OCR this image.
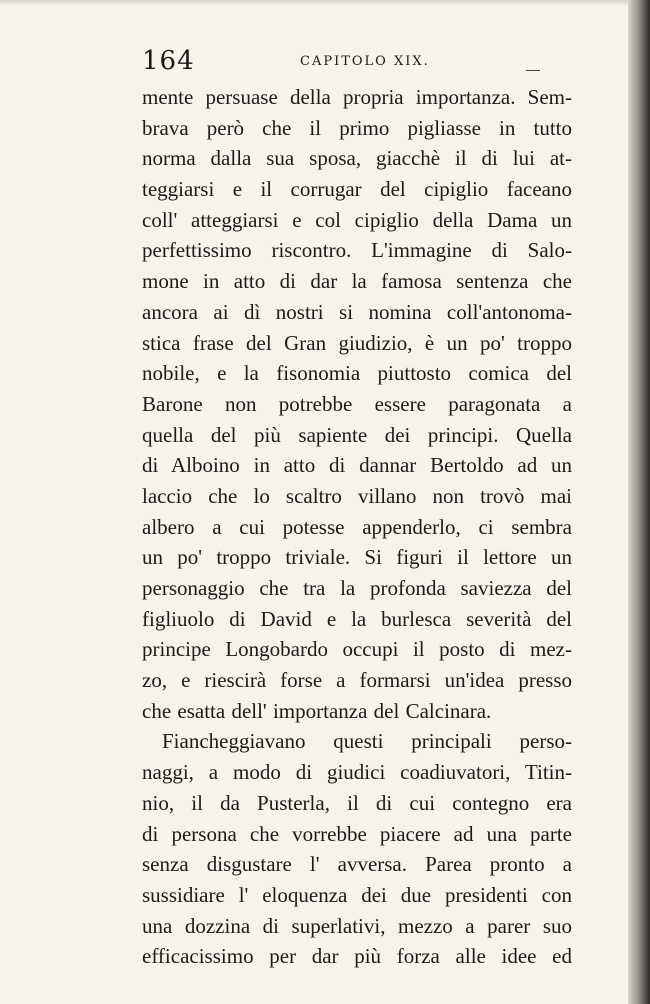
164	CAPITOLO XIX.
mente persuase della propria importanza. Sem-
brava però che il primo pigliasse in tutto
norma dalla sua sposa, giacchè il di lui at-
teggiarsi e il corrugar del cipiglio faceano
coll' atteggiarsi e col cipiglio della Dama un
perfettissimo riscontro. L'immagine di Salo-
mone in atto di dar la famosa sentenza che
ancora ai dì nostri si nomina coll'antonoma-
stica frase del Gran giudizio, è un po' troppo
nobile, e la fisonomia piuttosto comica del
Barone non potrebbe essere paragonata a
quella del più sapiente dei principi. Quella
di Alboino in atto di dannar Bertoldo ad un
laccio che lo scaltro villano non trovò mai
albero a cui potesse appenderlo, ci sembra
un po' troppo triviale. Si figuri il lettore un
personaggio che tra la profonda saviezza del
figliuolo di David e la burlesca severità del
principe Longobardo occupi il posto di mez-
zo, e riescirà forse a formarsi un'idea presso
che esatta dell' importanza del Calcinara.
Fiancheggiavano questi principali perso-
naggi, a modo di giudici coadiuvatori, Titin-
nio, il da Pusterla, il di cui contegno era
di persona che vorrebbe piacere ad una parte
senza disgustare l' avversa. Parea pronto a
sussidiare l' eloquenza dei due presidenti con
una dozzina di superlativi, mezzo a parer suo
efficacissimo per dar più forza alle idee ed
